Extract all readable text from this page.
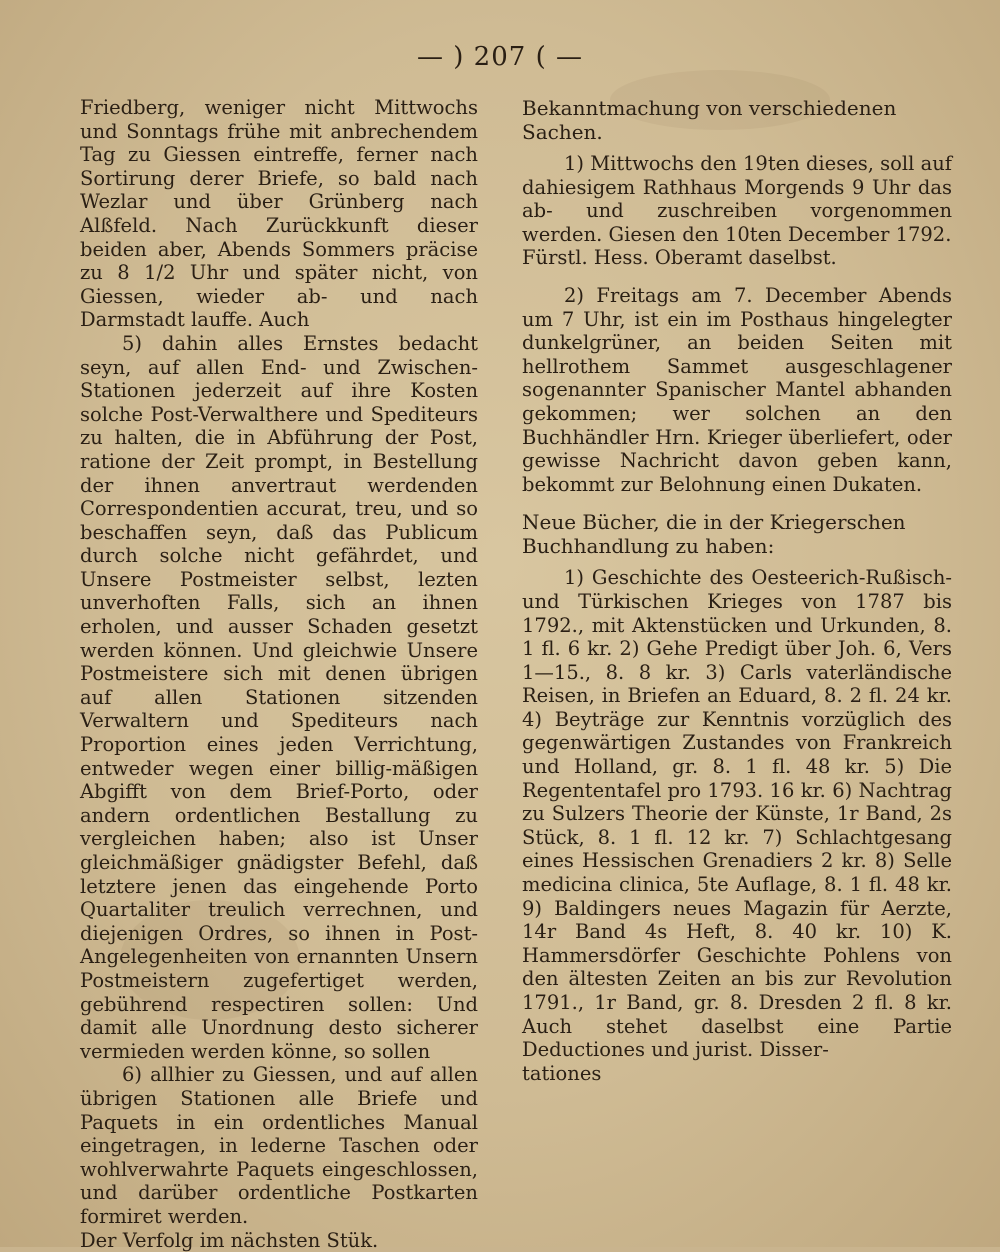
— ) 207 ( —

Friedberg, weniger nicht Mittwochs und Sonntags frühe mit anbrechendem Tag zu Giessen eintreffe, ferner nach Sortirung derer Briefe, so bald nach Wezlar und über Grünberg nach Alßfeld. Nach Zurückkunft dieser beiden aber, Abends Sommers präcise zu 8 1/2 Uhr und später nicht, von Giessen, wieder ab- und nach Darmstadt lauffe. Auch

5) dahin alles Ernstes bedacht seyn, auf allen End- und Zwischen-Stationen jederzeit auf ihre Kosten solche Post-Verwalthere und Spediteurs zu halten, die in Abführung der Post, ratione der Zeit prompt, in Bestellung der ihnen anvertraut werdenden Correspondentien accurat, treu, und so beschaffen seyn, daß das Publicum durch solche nicht gefährdet, und Unsere Postmeister selbst, lezten unverhoften Falls, sich an ihnen erholen, und ausser Schaden gesetzt werden können. Und gleichwie Unsere Postmeistere sich mit denen übrigen auf allen Stationen sitzenden Verwaltern und Spediteurs nach Proportion eines jeden Verrichtung, entweder wegen einer billig-mäßigen Abgifft von dem Brief-Porto, oder andern ordentlichen Bestallung zu vergleichen haben; also ist Unser gleichmäßiger gnädigster Befehl, daß letztere jenen das eingehende Porto Quartaliter treulich verrechnen, und diejenigen Ordres, so ihnen in Post-Angelegenheiten von ernannten Unsern Postmeistern zugefertiget werden, gebührend respectiren sollen: Und damit alle Unordnung desto sicherer vermieden werden könne, so sollen

6) allhier zu Giessen, und auf allen übrigen Stationen alle Briefe und Paquets in ein ordentliches Manual eingetragen, in lederne Taschen oder wohlverwahrte Paquets eingeschlossen, und darüber ordentliche Postkarten formiret werden.

Der Verfolg im nächsten Stük.

Bekanntmachung von verschiedenen

Sachen.

1) Mittwochs den 19ten dieses, soll auf dahiesigem Rathhaus Morgends 9 Uhr das ab- und zuschreiben vorgenommen werden. Giesen den 10ten December 1792.

Fürstl. Hess. Oberamt daselbst.

2) Freitags am 7. December Abends um 7 Uhr, ist ein im Posthaus hingelegter dunkelgrüner, an beiden Seiten mit hellrothem Sammet ausgeschlagener sogenannter Spanischer Mantel abhanden gekommen; wer solchen an den Buchhändler Hrn. Krieger überliefert, oder gewisse Nachricht davon geben kann, bekommt zur Belohnung einen Dukaten.

Neue Bücher, die in der Kriegerschen

Buchhandlung zu haben:

1) Geschichte des Oesteerich-Rußisch- und Türkischen Krieges von 1787 bis 1792., mit Aktenstücken und Urkunden, 8. 1 fl. 6 kr. 2) Gehe Predigt über Joh. 6, Vers 1—15., 8. 8 kr. 3) Carls vaterländische Reisen, in Briefen an Eduard, 8. 2 fl. 24 kr. 4) Beyträge zur Kenntnis vorzüglich des gegenwärtigen Zustandes von Frankreich und Holland, gr. 8. 1 fl. 48 kr. 5) Die Regententafel pro 1793. 16 kr. 6) Nachtrag zu Sulzers Theorie der Künste, 1r Band, 2s Stück, 8. 1 fl. 12 kr. 7) Schlachtgesang eines Hessischen Grenadiers 2 kr. 8) Selle medicina clinica, 5te Auflage, 8. 1 fl. 48 kr. 9) Baldingers neues Magazin für Aerzte, 14r Band 4s Heft, 8. 40 kr. 10) K. Hammersdörfer Geschichte Pohlens von den ältesten Zeiten an bis zur Revolution 1791., 1r Band, gr. 8. Dresden 2 fl. 8 kr. Auch stehet daselbst eine Partie Deductiones und jurist. Disser-

tationes
